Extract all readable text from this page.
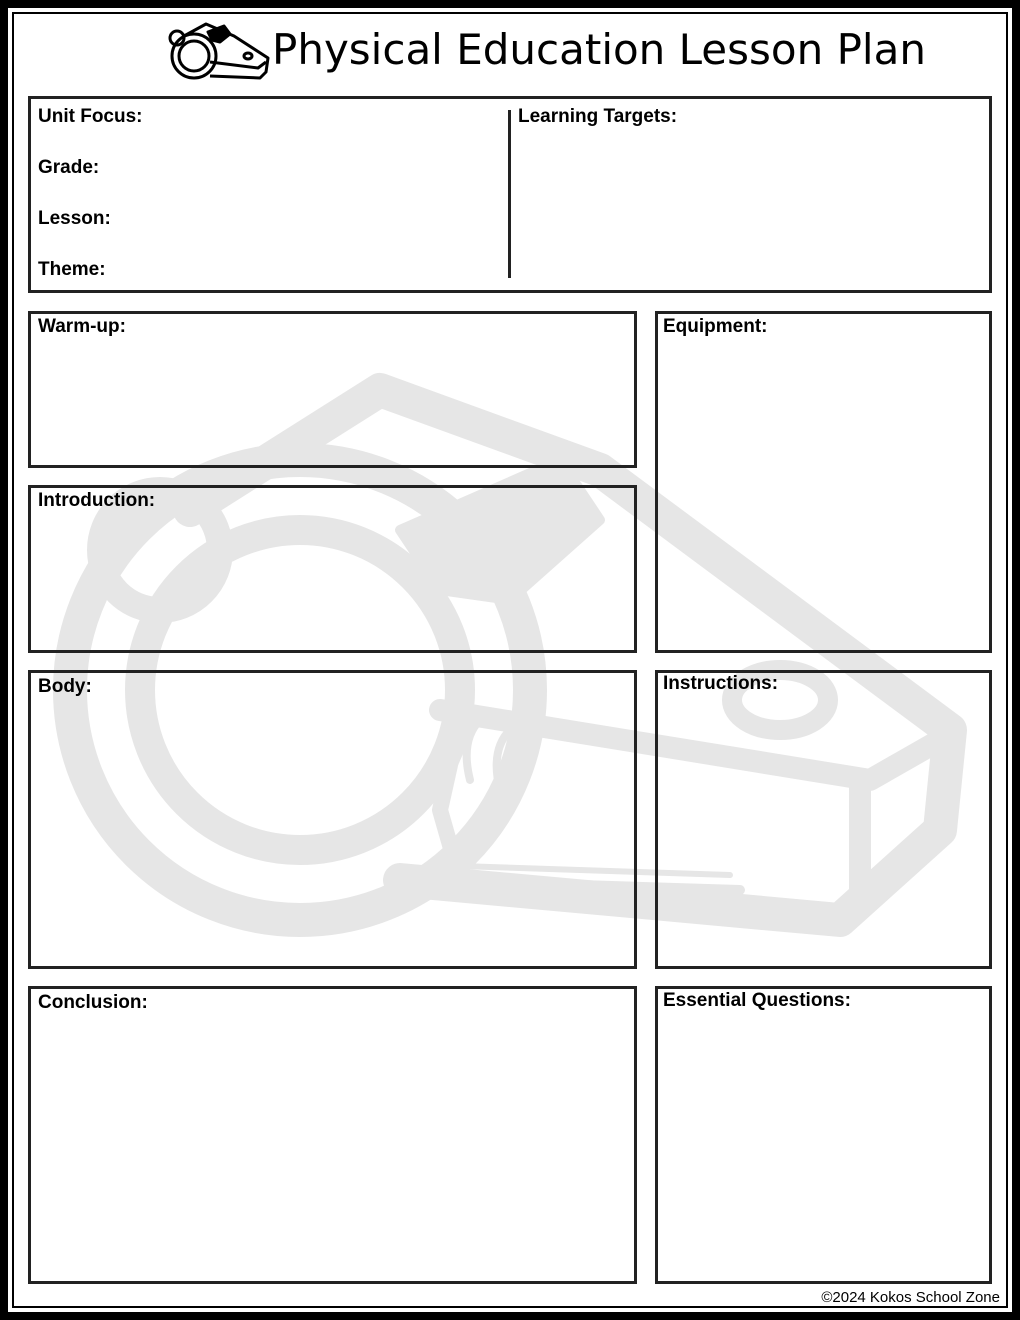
Physical Education Lesson Plan
Unit Focus:
Grade:
Lesson:
Theme:
Learning Targets:
Warm-up:	Equipment:
Introduction:
Body:	Instructions:
Conclusion:	Essential Questions:
©2024 Kokos School Zone
